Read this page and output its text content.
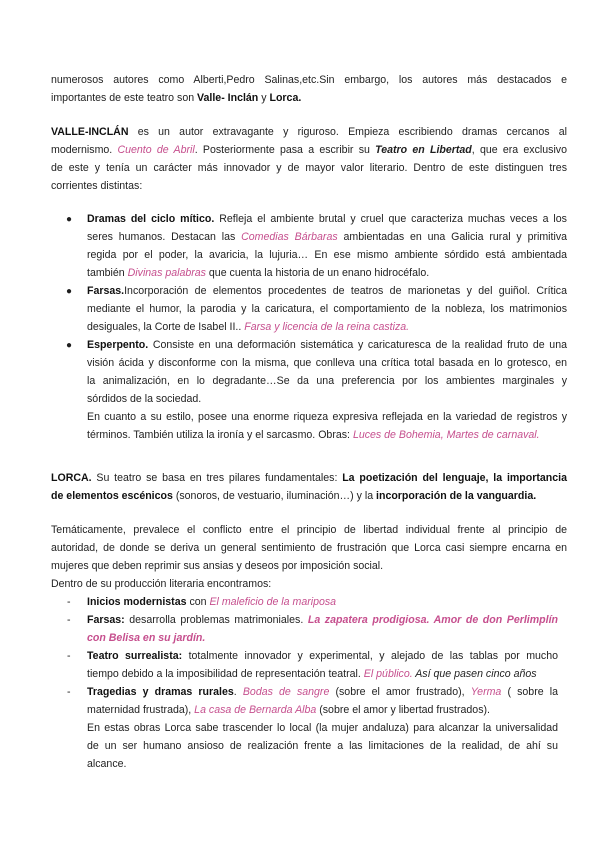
numerosos autores como Alberti,Pedro Salinas,etc.Sin embargo, los autores más destacados e
importantes de este teatro son Valle- Inclán y Lorca.
VALLE-INCLÁN es un autor extravagante y riguroso. Empieza escribiendo dramas cercanos al
modernismo. Cuento de Abril. Posteriormente pasa a escribir su Teatro en Libertad, que era exclusivo
de este y tenía un carácter más innovador y de mayor valor literario. Dentro de este distinguen tres
corrientes distintas:
● Dramas del ciclo mítico. Refleja el ambiente brutal y cruel que caracteriza muchas veces a los
seres humanos. Destacan las Comedias Bárbaras ambientadas en una Galicia rural y primitiva
regida por el poder, la avaricia, la lujuria… En ese mismo ambiente sórdido está ambientada
también Divinas palabras que cuenta la historia de un enano hidrocéfalo.
● Farsas.Incorporación de elementos procedentes de teatros de marionetas y del guiñol. Crítica
mediante el humor, la parodia y la caricatura, el comportamiento de la nobleza, los matrimonios
desiguales, la Corte de Isabel II.. Farsa y licencia de la reina castiza.
● Esperpento. Consiste en una deformación sistemática y caricaturesca de la realidad fruto de una
visión ácida y disconforme con la misma, que conlleva una crítica total basada en lo grotesco, en
la animalización, en lo degradante…Se da una preferencia por los ambientes marginales y
sórdidos de la sociedad.
En cuanto a su estilo, posee una enorme riqueza expresiva reflejada en la variedad de registros y
términos. También utiliza la ironía y el sarcasmo. Obras: Luces de Bohemia, Martes de carnaval.
LORCA. Su teatro se basa en tres pilares fundamentales: La poetización del lenguaje, la importancia
de elementos escénicos (sonoros, de vestuario, iluminación…) y la incorporación de la vanguardia.
Temáticamente, prevalece el conflicto entre el principio de libertad individual frente al principio de
autoridad, de donde se deriva un general sentimiento de frustración que Lorca casi siempre encarna en
mujeres que deben reprimir sus ansias y deseos por imposición social.
Dentro de su producción literaria encontramos:
- Inicios modernistas con El maleficio de la mariposa
- Farsas: desarrolla problemas matrimoniales. La zapatera prodigiosa. Amor de don Perlimplín
con Belisa en su jardín.
- Teatro surrealista: totalmente innovador y experimental, y alejado de las tablas por mucho
tiempo debido a la imposibilidad de representación teatral. El público. Así que pasen cinco años
- Tragedias y dramas rurales. Bodas de sangre (sobre el amor frustrado), Yerma ( sobre la
maternidad frustrada), La casa de Bernarda Alba (sobre el amor y libertad frustrados).
En estas obras Lorca sabe trascender lo local (la mujer andaluza) para alcanzar la universalidad
de un ser humano ansioso de realización frente a las limitaciones de la realidad, de ahí su
alcance.
